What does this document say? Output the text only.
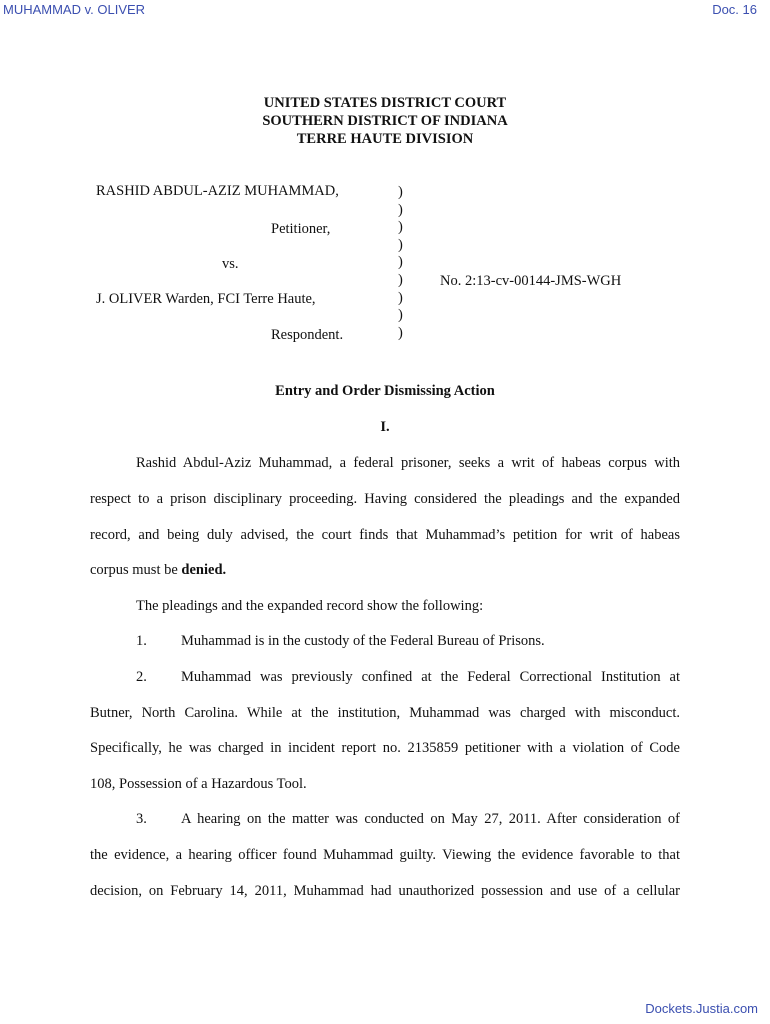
MUHAMMAD v. OLIVER	Doc. 16
UNITED STATES DISTRICT COURT
SOUTHERN DISTRICT OF INDIANA
TERRE HAUTE DIVISION
RASHID ABDUL-AZIZ MUHAMMAD,
Petitioner,
vs.
J. OLIVER Warden, FCI Terre Haute,
Respondent.
No. 2:13-cv-00144-JMS-WGH
)
)
)
)
)
)
)
)
)
Entry and Order Dismissing Action
I.
Rashid Abdul-Aziz Muhammad, a federal prisoner, seeks a writ of habeas corpus with
respect to a prison disciplinary proceeding. Having considered the pleadings and the expanded
record, and being duly advised, the court finds that Muhammad’s petition for writ of habeas
corpus must be denied.
The pleadings and the expanded record show the following:
1. Muhammad is in the custody of the Federal Bureau of Prisons.
2. Muhammad was previously confined at the Federal Correctional Institution at
Butner, North Carolina. While at the institution, Muhammad was charged with misconduct.
Specifically, he was charged in incident report no. 2135859 petitioner with a violation of Code
108, Possession of a Hazardous Tool.
3. A hearing on the matter was conducted on May 27, 2011. After consideration of
the evidence, a hearing officer found Muhammad guilty. Viewing the evidence favorable to that
decision, on February 14, 2011, Muhammad had unauthorized possession and use of a cellular
Dockets.Justia.com
